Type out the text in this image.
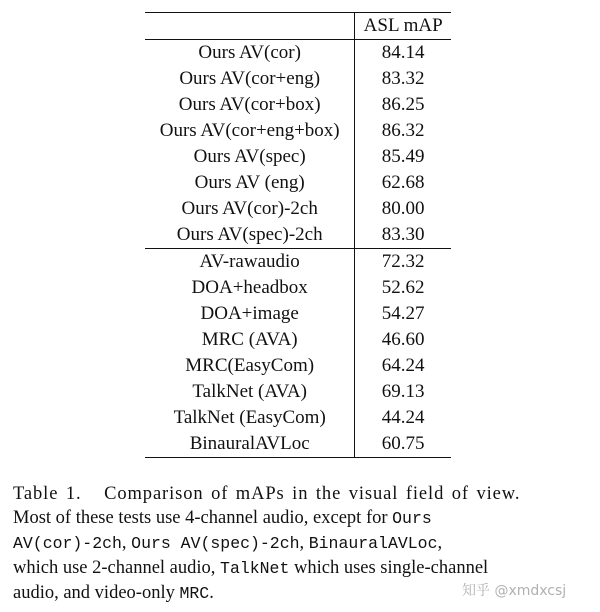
	ASL mAP
Ours AV(cor)	84.14
Ours AV(cor+eng)	83.32
Ours AV(cor+box)	86.25
Ours AV(cor+eng+box)	86.32
Ours AV(spec)	85.49
Ours AV (eng)	62.68
Ours AV(cor)-2ch	80.00
Ours AV(spec)-2ch	83.30
AV-rawaudio	72.32
DOA+headbox	52.62
DOA+image	54.27
MRC (AVA)	46.60
MRC(EasyCom)	64.24
TalkNet (AVA)	69.13
TalkNet (EasyCom)	44.24
BinauralAVLoc	60.75
Table 1. Comparison of mAPs in the visual field of view.
Most of these tests use 4-channel audio, except for Ours
AV(cor)-2ch, Ours AV(spec)-2ch, BinauralAVLoc,
which use 2-channel audio, TalkNet which uses single-channel
audio, and video-only MRC.	知乎 @xmdxcsj
